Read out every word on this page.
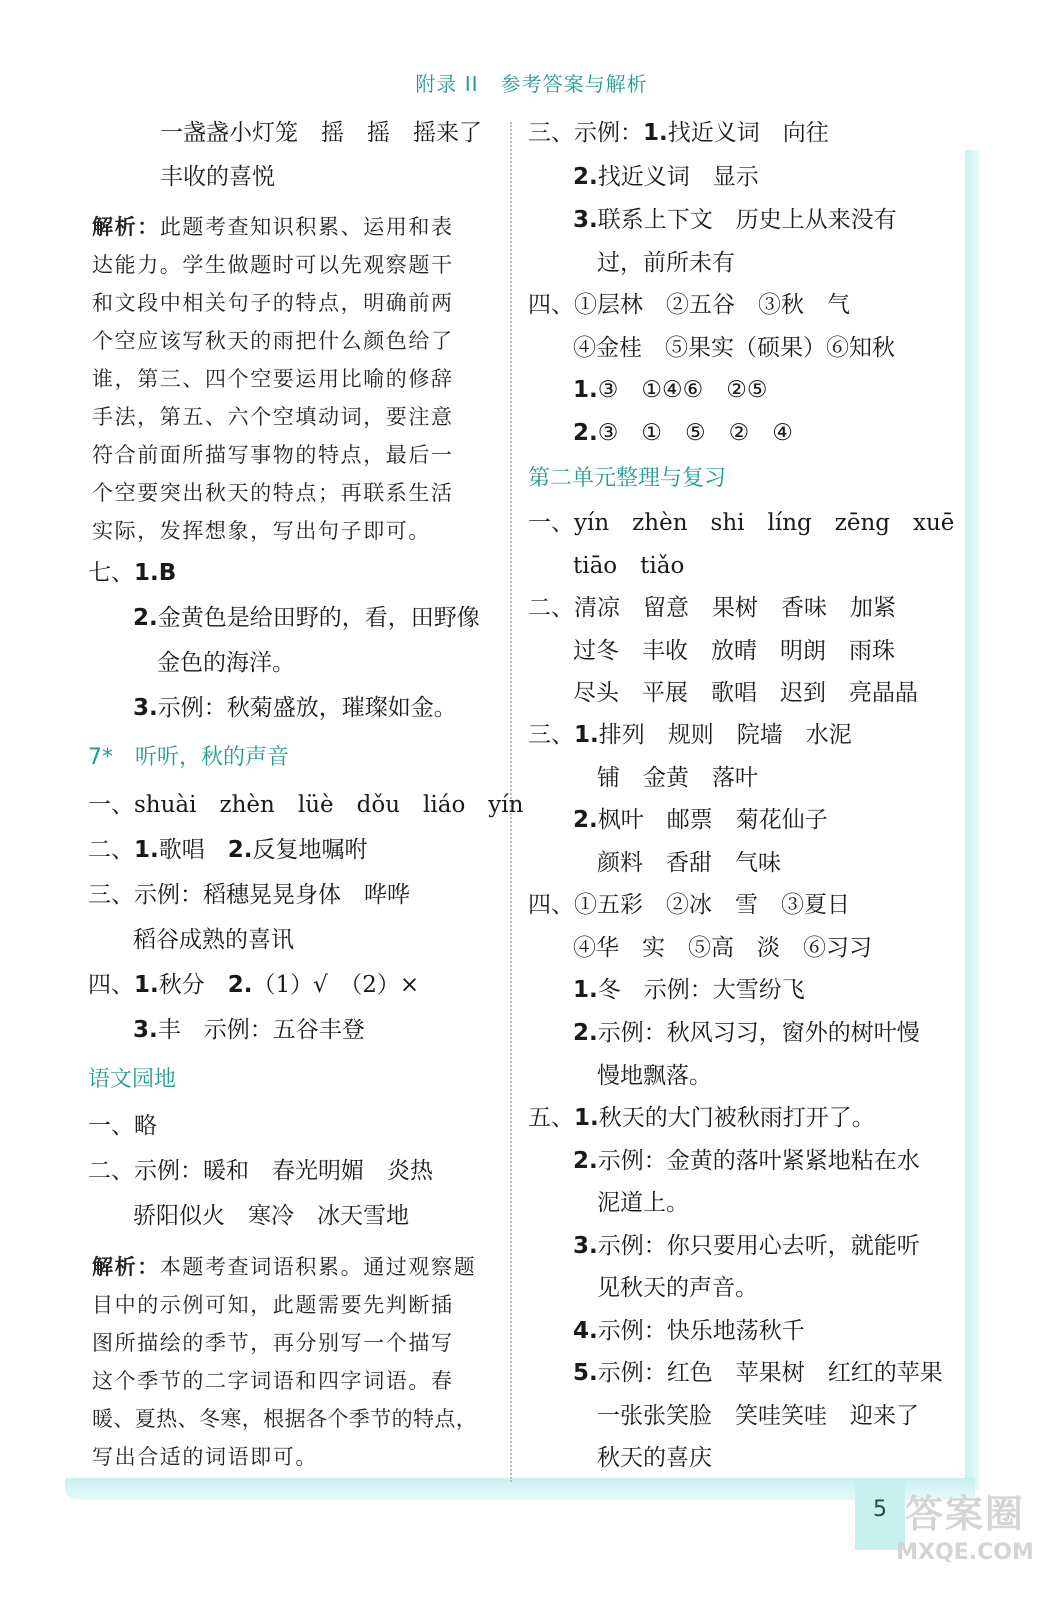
附录 II 参考答案与解析
5 答案圈
MXQE.COM
一盏盏小灯笼　摇　摇　摇来了
丰收的喜悦
解析：此题考查知识积累、运用和表
达能力。学生做题时可以先观察题干
和文段中相关句子的特点，明确前两
个空应该写秋天的雨把什么颜色给了
谁，第三、四个空要运用比喻的修辞
手法，第五、六个空填动词，要注意
符合前面所描写事物的特点，最后一
个空要突出秋天的特点；再联系生活
实际，发挥想象，写出句子即可。
七、1.B
2.金黄色是给田野的，看，田野像
金色的海洋。
3.示例：秋菊盛放，璀璨如金。
7*　听听，秋的声音
一、shuài　zhèn　lüè　dǒu　liáo　yín
二、1.歌唱　 2.反复地嘱咐
三、示例：稻穗晃晃身体　哗哗
稻谷成熟的喜讯
四、1.秋分　 2.（1）√　（2）×
3.丰　示例：五谷丰登
语文园地
一、略
二、示例：暖和　春光明媚　炎热
骄阳似火　寒冷　冰天雪地
解析：本题考查词语积累。通过观察题
目中的示例可知，此题需要先判断插
图所描绘的季节，再分别写一个描写
这个季节的二字词语和四字词语。春
暖、夏热、冬寒，根据各个季节的特点，
写出合适的词语即可。
三、示例：1.找近义词　向往
2.找近义词　显示
3.联系上下文　历史上从来没有
过，前所未有
四、①层林　②五谷　③秋　气
④金桂　⑤果实（硕果）⑥知秋
1.③　①④⑥　②⑤
2.③　①　⑤　②　④
第二单元整理与复习
一、yín　zhèn　shi　líng　zēng　xuē
tiāo　tiǎo
二、清凉　留意　果树　香味　加紧
过冬　丰收　放晴　明朗　雨珠
尽头　平展　歌唱　迟到　亮晶晶
三、1.排列　规则　院墙　水泥
铺　金黄　落叶
2.枫叶　邮票　菊花仙子
颜料　香甜　气味
四、①五彩　②冰　雪　③夏日
④华　实　⑤高　淡　⑥习习
1.冬　示例：大雪纷飞
2.示例：秋风习习，窗外的树叶慢
慢地飘落。
五、1.秋天的大门被秋雨打开了。
2.示例：金黄的落叶紧紧地粘在水
泥道上。
3.示例：你只要用心去听，就能听
见秋天的声音。
4.示例：快乐地荡秋千
5.示例：红色　苹果树　红红的苹果
一张张笑脸　笑哇笑哇　迎来了
秋天的喜庆
